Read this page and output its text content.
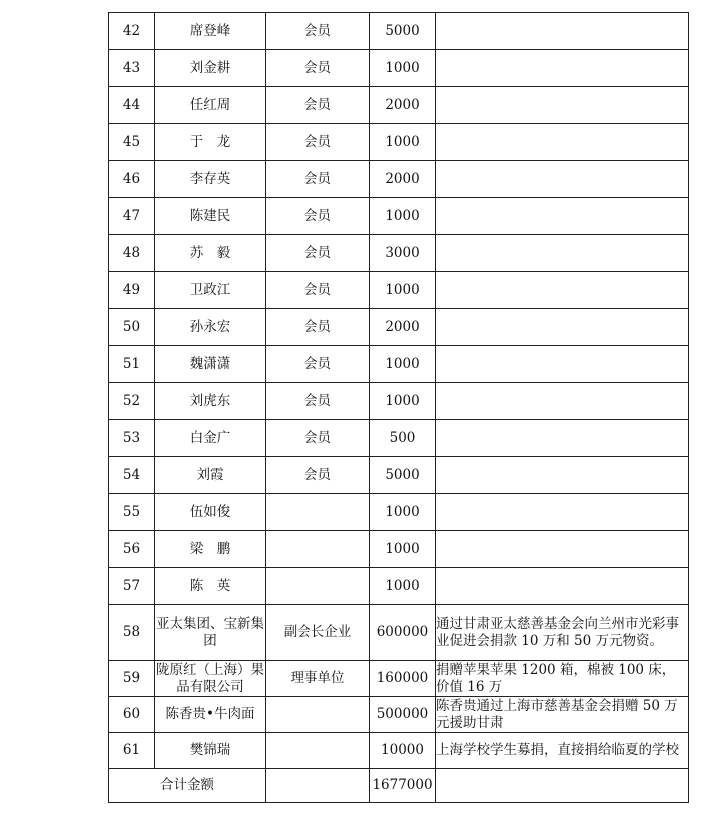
42	席登峰	会员	5000	
43	刘金耕	会员	1000	
44	任红周	会员	2000	
45	于　龙	会员	1000	
46	李存英	会员	2000	
47	陈建民	会员	1000	
48	苏　毅	会员	3000	
49	卫政江	会员	1000	
50	孙永宏	会员	2000	
51	魏潇潇	会员	1000	
52	刘虎东	会员	1000	
53	白金广	会员	500	
54	刘霞	会员	5000	
55	伍如俊		1000	
56	梁　鹏		1000	
57	陈　英		1000	
58	亚太集团、宝新集团	副会长企业	600000	通过甘肃亚太慈善基金会向兰州市光彩事业促进会捐款 10 万和 50 万元物资。
59	陇原红（上海）果品有限公司	理事单位	160000	捐赠苹果苹果 1200 箱，棉被 100 床，价值 16 万
60	陈香贵•牛肉面		500000	陈香贵通过上海市慈善基金会捐赠 50 万元援助甘肃
61	樊锦瑞		10000	上海学校学生募捐，直接捐给临夏的学校
合计金额			1677000	
